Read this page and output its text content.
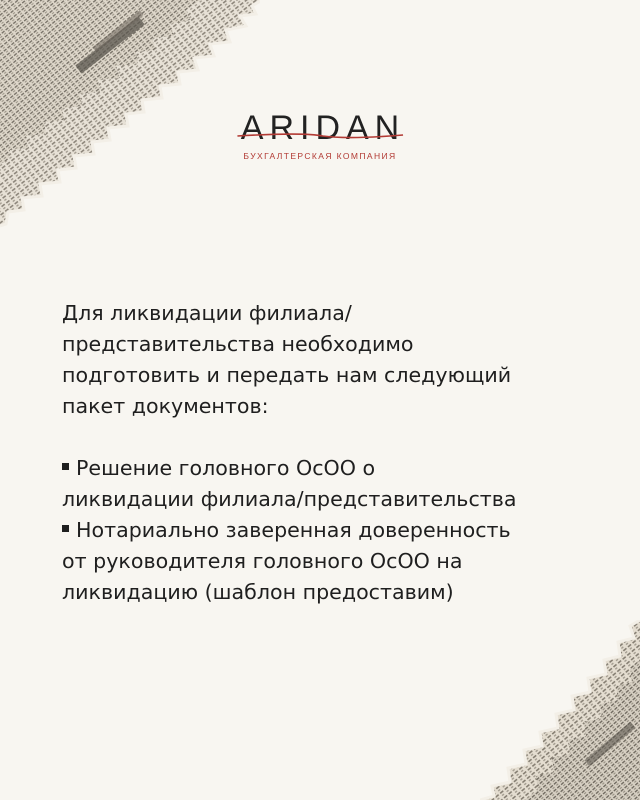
ARIDAN
БУХГАЛТЕРСКАЯ КОМПАНИЯ
Для ликвидации филиала/
представительства необходимо
подготовить и передать нам следующий
пакет документов:
Решение головного ОсОО о
ликвидации филиала/представительства
Нотариально заверенная доверенность
от руководителя головного ОсОО на
ликвидацию (шаблон предоставим)
